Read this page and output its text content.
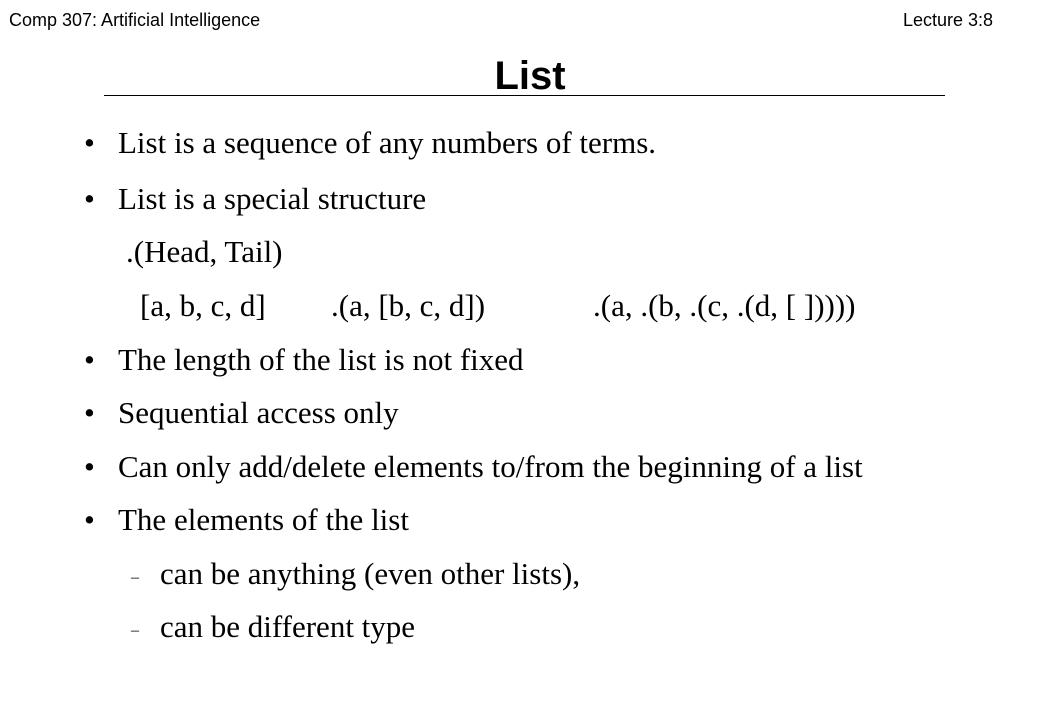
Comp 307: Artificial Intelligence	Lecture 3:8
List
• List is a sequence of any numbers of terms.
• List is a special structure
.(Head, Tail)
[a, b, c, d] .(a, [b, c, d])	.(a, .(b, .(c, .(d, [ ]))))
• The length of the list is not fixed
• Sequential access only
• Can only add/delete elements to/from the beginning of a list
• The elements of the list
– can be anything (even other lists),
– can be different type
